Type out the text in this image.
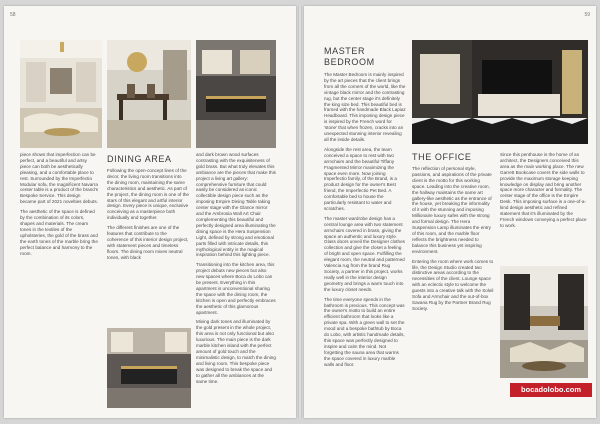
58

piece shows that imperfection can be perfect, and a beautiful and artsy piece can both be aesthetically pleasing, and a comfortable place to rest. Surrounded by the Imperfectio Modular sofa, the magnificent Navarra center table is a product of the brand's Bespoke Service. This design became part of 2021 novelties debuts.

The aesthetic of the space is defined by the combination of its colors, shapes and materials. The cream tones in the textiles of the upholsteries, the gold of the brass and the earth tones of the marble bring the perfect balance and harmony to the room.

DINING AREA

Following the open-concept lines of the decor, the living room transitions into the dining room, maintaining the same characteristics and aesthetic. As part of the project, the dining room is one of the stars of this elegant and artful interior design. Every piece is unique, exclusive conceiving as a masterpiece both individually and together.

The different finishes are one of the features that contribute to the coherence of this interior design project, with statement pieces and timeless floors. The dining room mixes neutral tones, with black

and dark brown wood surfaces contrasting with the exquisiteness of gold brass. But what truly elevates this ambiance are the pieces that make this project a living art gallery: comprehensive furniture that could easily be considered as iconic collectible design piece such as the imposing Empire Dining Table taking center stage with the Glance mirror and the Ambrosia Wall Art Chair complementing this beautiful and perfectly designed area illuminating the dining space is the Hera Suspension Light, defined by strong and emotional parts filled with intricate details, this mythological entity is the magical inspiration behind this lighting piece.

Transitioning into the kitchen area, this project debuts new pieces but also new spaces where Boca do Lobo can be present. Everything in this apartment is unconventional sharing the space with the dining room, the kitchen is open and perfectly embraces the aesthetic of this glamorous apartment.

Mixing dark tones and illuminated by the gold present in the whole project, this area is not only functional but also luxurious. The main piece is the dark marble kitchen island with the perfect amount of gold touch and the minimalistic design, to match the dining and living room. This bespoke piece was designed to break the space and to gather all the ambiances at the same time.

59
MASTER
BEDROOM

The Master Bedroom is mainly inspired by the art pieces that the client brings from all the corners of the world, like the vintage black mirror and the contrasting rug, but the center stage it's definitely the king size bed. This beautiful bed is framed with the handmade Black Lapiaz Headboard. This imposing design piece is inspired by the French word for 'stone' that when frozen, cracks into an unexpected stunning interior revealing all the inside details.

Alongside the rest area, the team conceived a space to rest with two armchairs and the beautiful Tiffany Fragmented Mirror maximizing the space even more. Now joining Imperfectio family, of the Brand, is a product design for the owner's Best friend, the Imperfectio Pet Bed. A comfortable bed to house the particularly resistant to water and scratches.

The master wardrobe design has a central lounge area with two statement armchairs covered in brass, giving the space an authentic and luxury style. Glass doors unveil the Designer clothes collection and give the closet a feeling of bright and open space. Fulfilling the elegant room, the neutral and patterned Valencia rug from the brand Rug Society, a partner in this project, works really well in the interior design geometry and brings a warm touch into the luxury closet needs.

The time everyone spends in the bathroom is precious. This concept was the owner's motto to build an entire efficient bathroom that looks like a private spa. With a green wall to set the mood and a bespoke bathtub by Boca do Lobo, with artistic handmade details, this space was perfectly designed to inspire and calm the mind. Not forgetting the sauna area that warms the space covered in luxury marble walls and floor.

THE OFFICE

The reflection of personal style, passions, and aspirations of the private client is the motto for this working space. Leading into the creative room, the hallway maintains the same art gallery-like aesthetic as the entrance of the house, yet breaking the informality of it with the stunning and imposing Millionaire luxury safes with the strong and formal design. The Hera Suspension Lamp illuminates the entry of this room, and the marble floor reflects the brightness needed to balance this business yet inspiring environment.

Entering the room where work comes to life, the Design Studio created two distinctive areas according to the necessities of the client. Lounge space with an eclectic style to welcome the guests into a creative talk with the Soleil Sofa and Armchair and the out-of-box Savana Rug by the Partner Brand Rug Society.

Since this penthouse is the home of an architect, the Designers conceived this area as the main working place. The new Garrett Bookcase covers the side walls to provide the maximum storage keeping knowledge on display and bring another space more character and formality. The center stage of the office is the Empire Desk. This imposing surface is a one-of-a-kind design aesthetic and refined statement that it's illuminated by the French windows conveying a perfect place to work.

bocadolobo.com
